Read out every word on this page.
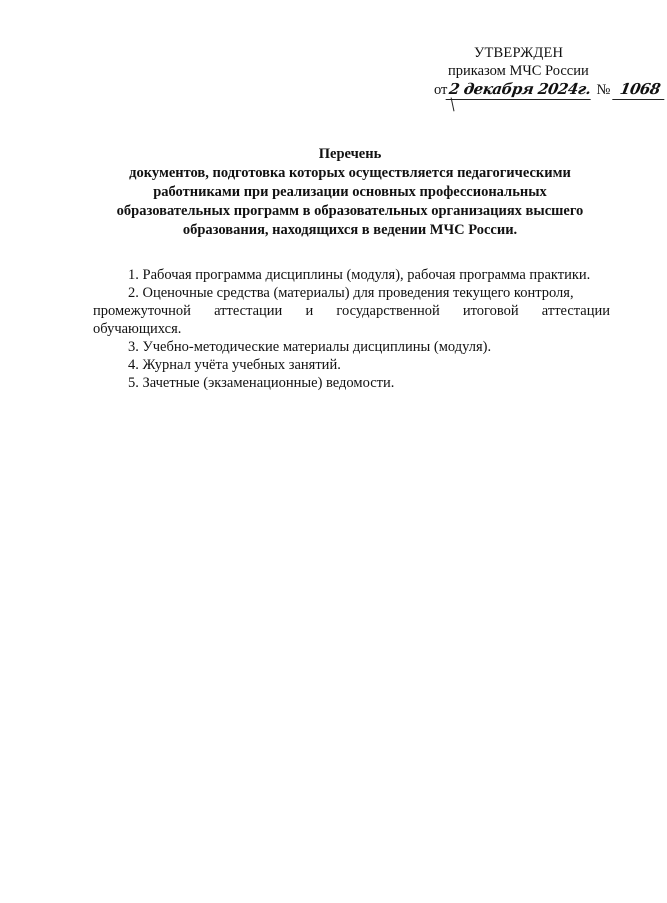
УТВЕРЖДЕН
приказом МЧС России
от2 декабря 2024г. № 1068
Перечень
документов, подготовка которых осуществляется педагогическими
работниками при реализации основных профессиональных
образовательных программ в образовательных организациях высшего
образования, находящихся в ведении МЧС России.

1. Рабочая программа дисциплины (модуля), рабочая программа практики.

2. Оценочные средства (материалы) для проведения текущего контроля,

промежуточной аттестации и государственной итоговой аттестации

обучающихся.

3. Учебно-методические материалы дисциплины (модуля).

4. Журнал учёта учебных занятий.

5. Зачетные (экзаменационные) ведомости.
